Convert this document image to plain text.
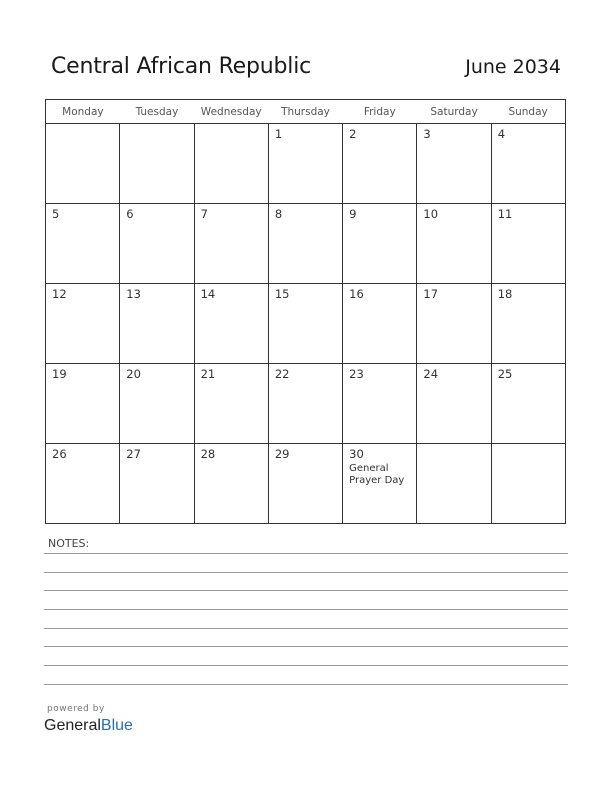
Central African Republic	June 2034
Monday	Tuesday	Wednesday	Thursday	Friday	Saturday	Sunday

			1	2	3	4

5	6	7	8	9	10	11

12	13	14	15	16	17	18

19	20	21	22	23	24	25

26	27	28	29	30
General Prayer Day		

NOTES:
powered by
GeneralBlue
